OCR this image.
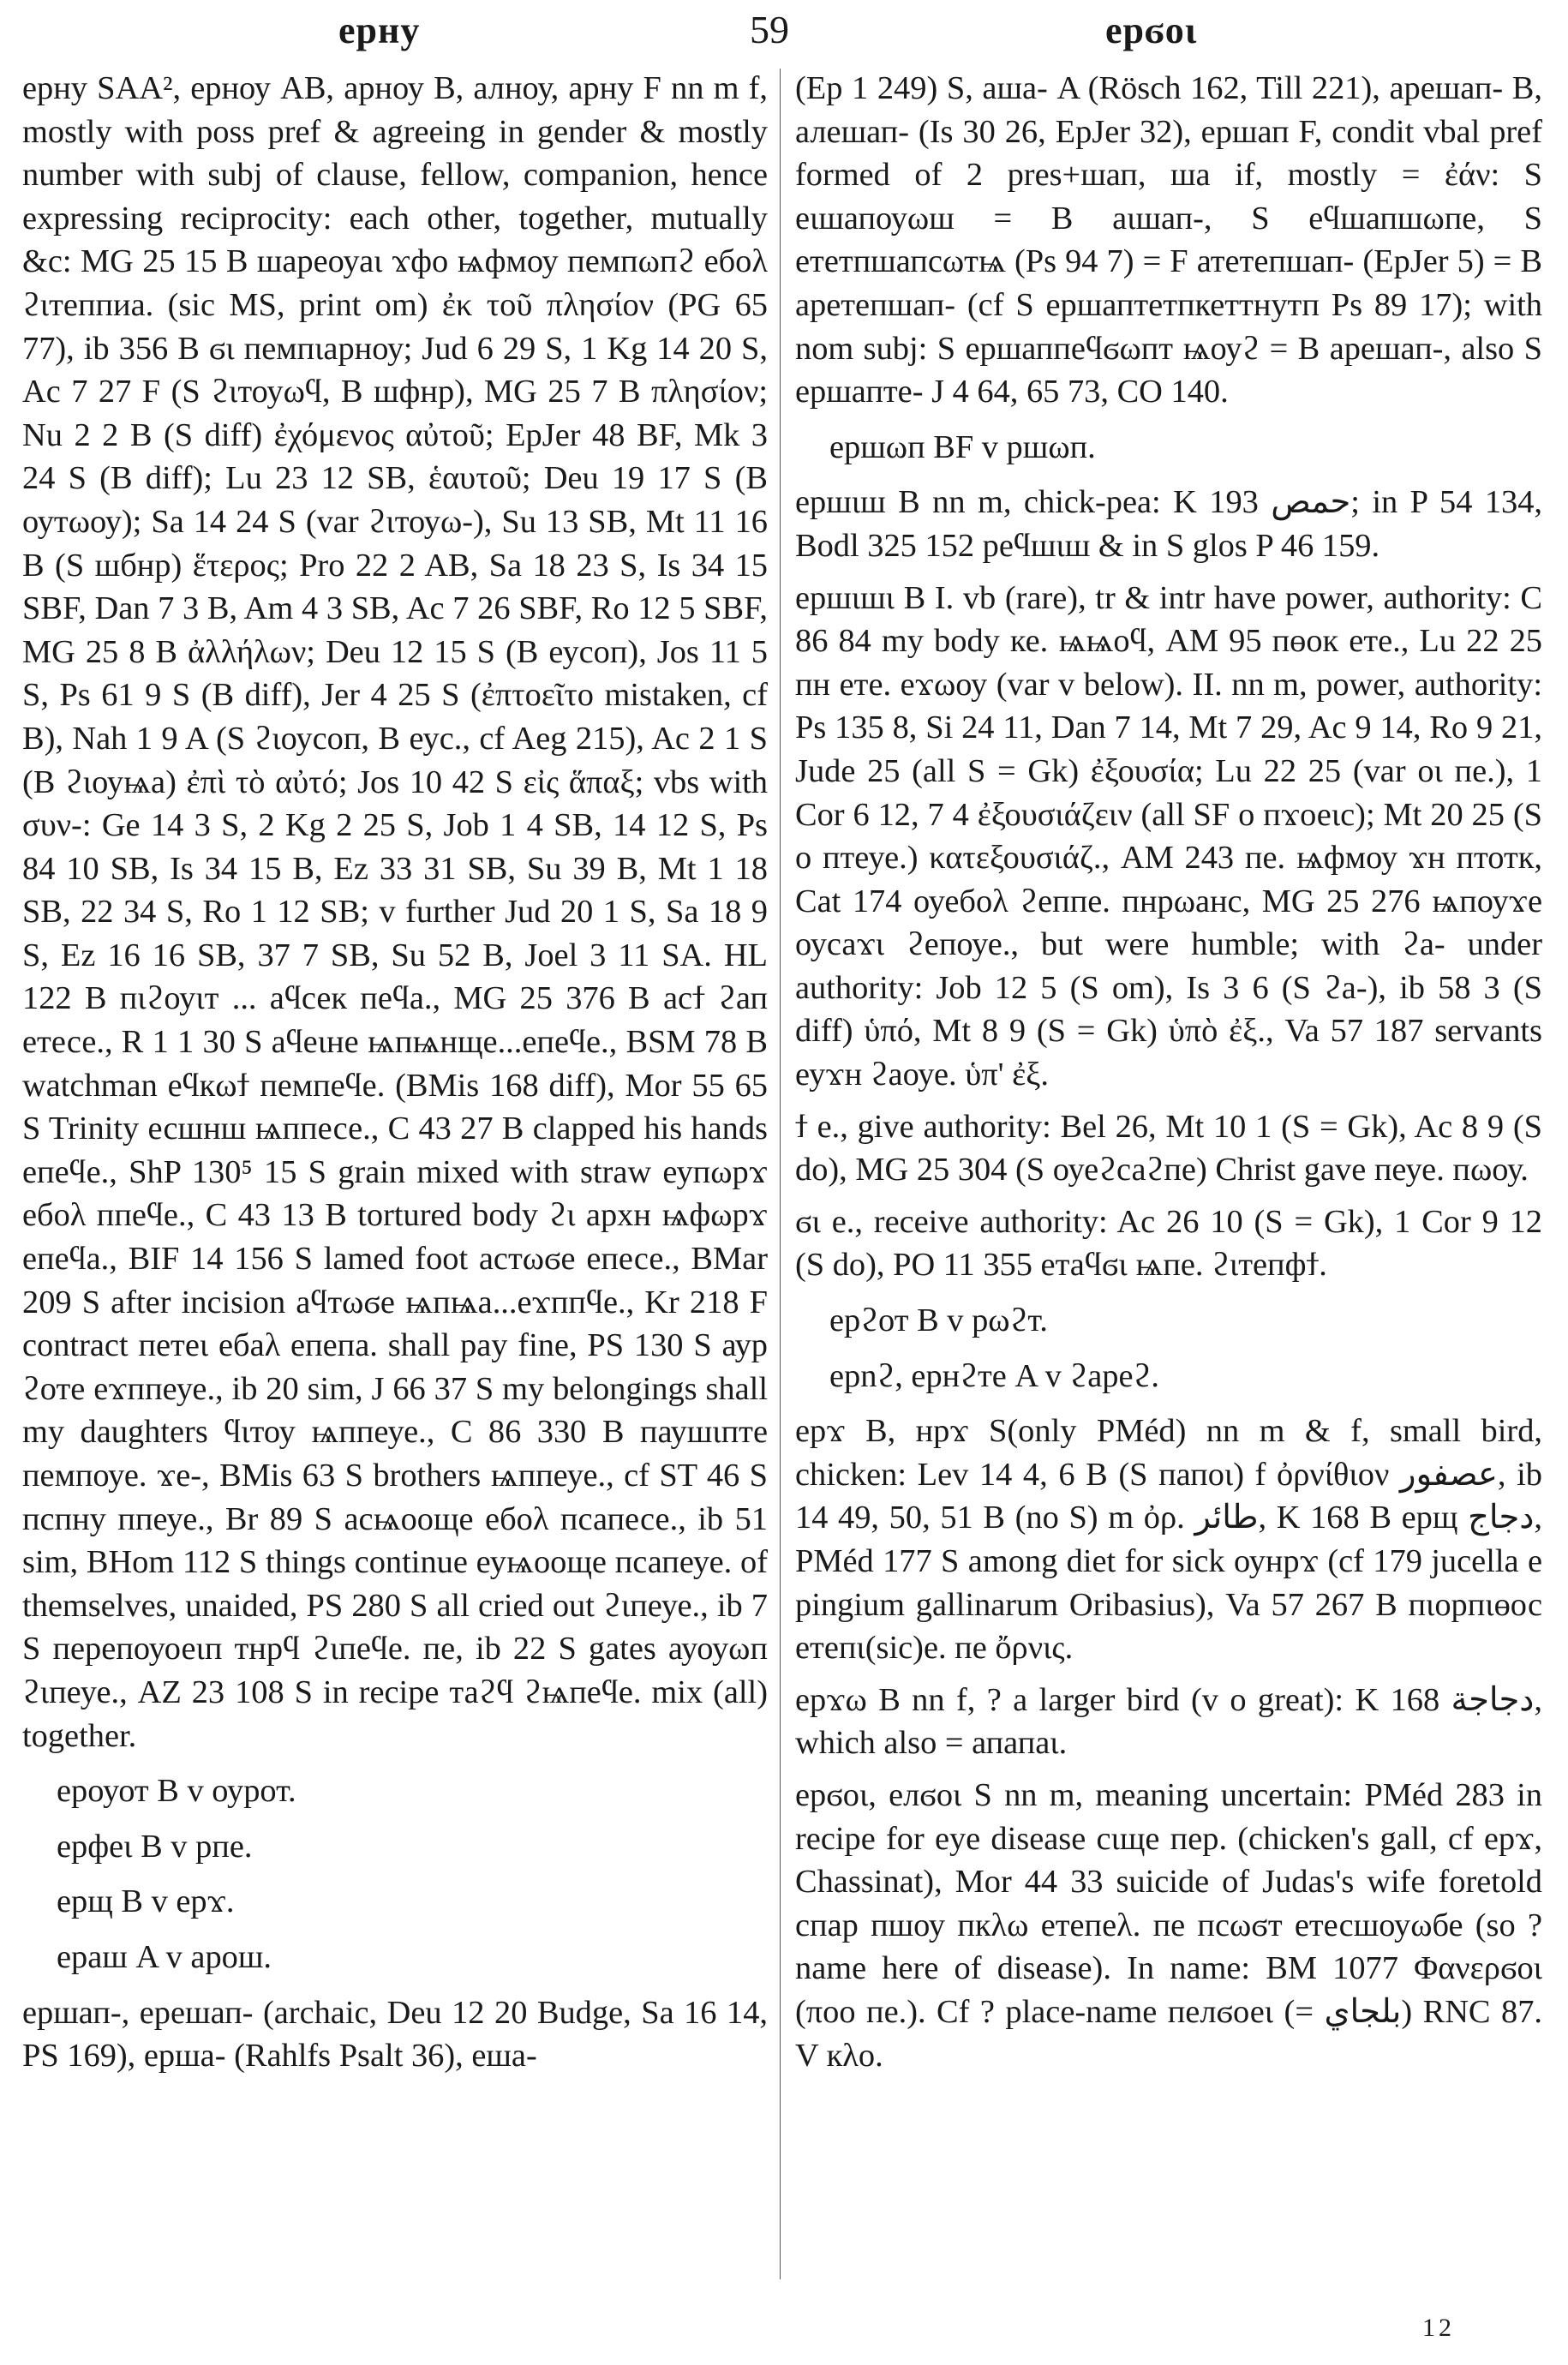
ерну	59	ерϭоι

ерну SAA², ерноу AB, арноу B, алноу, арну F nn m f, mostly with poss pref & agreeing in gender & mostly number with subj of clause, fellow, companion, hence expressing reciprocity: each other, together, mutually &c: MG 25 15 B шареоуаι ϫфо ѩфмоу пемпωпϩ ебоλ ϩιтеппиа. (sic MS, print om) ἐκ τοῦ πλησίον (PG 65 77), ib 356 B ϭι пемпιарноу; Jud 6 29 S, 1 Kg 14 20 S, Ac 7 27 F (S ϩιтоуωϥ, B шфнр), MG 25 7 B πλησίον; Nu 2 2 B (S diff) ἐχόμενος αὐτοῦ; EpJer 48 BF, Mk 3 24 S (B diff); Lu 23 12 SB, ἑαυτοῦ; Deu 19 17 S (B оутωоу); Sa 14 24 S (var ϩιтоуω-), Su 13 SB, Mt 11 16 B (S шбнр) ἕτερος; Pro 22 2 AB, Sa 18 23 S, Is 34 15 SBF, Dan 7 3 B, Am 4 3 SB, Ac 7 26 SBF, Ro 12 5 SBF, MG 25 8 B ἀλλήλων; Deu 12 15 S (B еусоп), Jos 11 5 S, Ps 61 9 S (B diff), Jer 4 25 S (ἐπτοεῖτο mistaken, cf B), Nah 1 9 A (S ϩιоусоп, B еус., cf Aeg 215), Ac 2 1 S (B ϩιоуѩа) ἐπὶ τὸ αὐτό; Jos 10 42 S εἰς ἅπαξ; vbs with συν-: Ge 14 3 S, 2 Kg 2 25 S, Job 1 4 SB, 14 12 S, Ps 84 10 SB, Is 34 15 B, Ez 33 31 SB, Su 39 B, Mt 1 18 SB, 22 34 S, Ro 1 12 SB; v further Jud 20 1 S, Sa 18 9 S, Ez 16 16 SB, 37 7 SB, Su 52 B, Joel 3 11 SA. HL 122 B пιϩоуιт ... аϥсек пеϥа., MG 25 376 B асϯ ϩап етесе., R 1 1 30 S аϥеιне ѩпѩнще...епеϥе., BSM 78 B watchman еϥкωϯ пемпеϥе. (BMis 168 diff), Mor 55 65 S Trinity есшнш ѩппесе., C 43 27 B clapped his hands епеϥе., ShP 130⁵ 15 S grain mixed with straw еупωрϫ ебоλ ппеϥе., C 43 13 B tortured body ϩι архн ѩфωрϫ епеϥа., BIF 14 156 S lamed foot астωϭе епесе., BMar 209 S after incision аϥтωϭе ѩпѩа...еϫппϥе., Kr 218 F contract петеι ебаλ епепа. shall pay fine, PS 130 S аур ϩоте еϫппеуе., ib 20 sim, J 66 37 S my belongings shall my daughters ϥιтоу ѩппеуе., C 86 330 B паушιпте пемпоуе. ϫе-, BMis 63 S brothers ѩппеуе., cf ST 46 S пспну ппеуе., Br 89 S асѩооще ебоλ псапесе., ib 51 sim, BHom 112 S things continue еуѩооще псапеуе. of themselves, unaided, PS 280 S all cried out ϩιпеуе., ib 7 S перепоуоеιп тнрϥ ϩιпеϥе. пе, ib 22 S gates ауоуωп ϩιпеуе., AZ 23 108 S in recipe таϩϥ ϩѩпеϥе. mix (all) together.

ероуот B v оурот.

ерфеι B v рпе.

ерщ B v ерϫ.

ераш A v арош.

ершап-, ерешап- (archaic, Deu 12 20 Budge, Sa 16 14, PS 169), ерша- (Rahlfs Psalt 36), еша-

(Ep 1 249) S, аша- A (Rösch 162, Till 221), арешап- B, алешап- (Is 30 26, EpJer 32), ершап F, condit vbal pref formed of 2 pres+шап, ша if, mostly = ἐάν: S еιшапоуωш = B аιшап-, S еϥшапшωпе, S ететпшапсωтѩ (Ps 94 7) = F атетепшап- (EpJer 5) = B аретепшап- (cf S ершаптетпкеттнутп Ps 89 17); with nom subj: S ершаппеϥϭωпт ѩоуϩ = B арешап-, also S ершапте- J 4 64, 65 73, CO 140.

ершωп BF v ршωп.

ершιш B nn m, chick-pea: K 193 حمص; in P 54 134, Bodl 325 152 реϥшιш & in S glos P 46 159.

ершιшι B I. vb (rare), tr & intr have power, authority: C 86 84 my body ке. ѩѩоϥ, AM 95 пөок ете., Lu 22 25 пн ете. еϫωоу (var v below). II. nn m, power, authority: Ps 135 8, Si 24 11, Dan 7 14, Mt 7 29, Ac 9 14, Ro 9 21, Jude 25 (all S = Gk) ἐξουσία; Lu 22 25 (var оι пе.), 1 Cor 6 12, 7 4 ἐξουσιάζειν (all SF о пϫоеιс); Mt 20 25 (S о птеуе.) κατεξουσιάζ., AM 243 пе. ѩфмоу ϫн птотк, Cat 174 оуебоλ ϩеппе. пнрωанс, MG 25 276 ѩпоуϫе оусаϫι ϩепоуе., but were humble; with ϩа- under authority: Job 12 5 (S om), Is 3 6 (S ϩа-), ib 58 3 (S diff) ὑπό, Mt 8 9 (S = Gk) ὑπὸ ἐξ., Va 57 187 servants еуϫн ϩаоуе. ὑπ' ἐξ.

ϯ е., give authority: Bel 26, Mt 10 1 (S = Gk), Ac 8 9 (S do), MG 25 304 (S оуеϩсаϩпе) Christ gave пеуе. пωоу.

ϭι е., receive authority: Ac 26 10 (S = Gk), 1 Cor 9 12 (S do), PO 11 355 етаϥϭι ѩпе. ϩιтепфϯ.

ерϩот B v рωϩт.

ерnϩ, ернϩте A v ϩареϩ.

ерϫ B, нрϫ S(only PMéd) nn m & f, small bird, chicken: Lev 14 4, 6 B (S папоι) f ὀρνίθιον عصفور, ib 14 49, 50, 51 B (no S) m ὀρ. طائر, K 168 B ерщ دجاج, PMéd 177 S among diet for sick оунрϫ (cf 179 jucella e pingium gallinarum Oribasius), Va 57 267 B пιорпιөос етепι(sic)е. пе ὄρνις.

ерϫω B nn f, ? a larger bird (v о great): K 168 دجاجة, which also = апапаι.

ерϭоι, елϭоι S nn m, meaning uncertain: PMéd 283 in recipe for eye disease сιще пер. (chicken's gall, cf ерϫ, Chassinat), Mor 44 33 suicide of Judas's wife foretold спар пшоу пкλω етепеλ. пе псωϭт етесшоуωбе (so ? name here of disease). In name: BM 1077 Φανερϭοι (ποο пе.). Cf ? place-name пелϭоеι (= بلجاي) RNC 87. V кλо.

12
